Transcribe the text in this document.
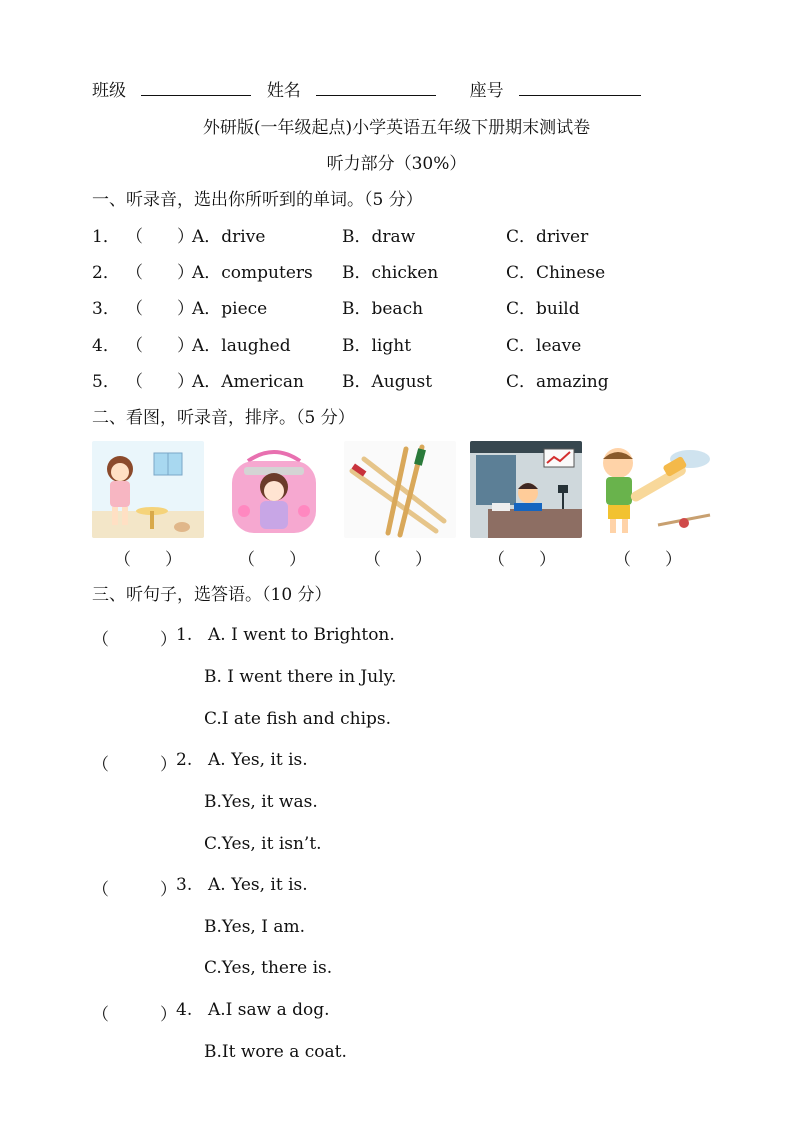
班级	姓名	座号
外研版(一年级起点)小学英语五年级下册期末测试卷
听力部分（30%）
一、听录音，选出你所听到的单词。（5 分）
1． （　　）
A．drive	B．draw	C．driver
2． （　　）
A．computers B．chicken	C．Chinese
3． （　　）
A．piece	B．beach	C．build
4． （　　）
A．laughed	B．light	C．leave
5． （　　）
A．American B．August	C．amazing
二、看图，听录音，排序。（5 分）
（　　）	（　　）	（　　）	（　　）	（　　）
三、听句子，选答语。（10 分）
（　　　） 1. A. I went to Brighton.
B. I went there in July.
C.I ate fish and chips.
（　　　） 2. A. Yes, it is.
B.Yes, it was.
C.Yes, it isn’t.
（　　　） 3. A. Yes, it is.
B.Yes, I am.
C.Yes, there is.
（　　　） 4. A.I saw a dog.
B.It wore a coat.
